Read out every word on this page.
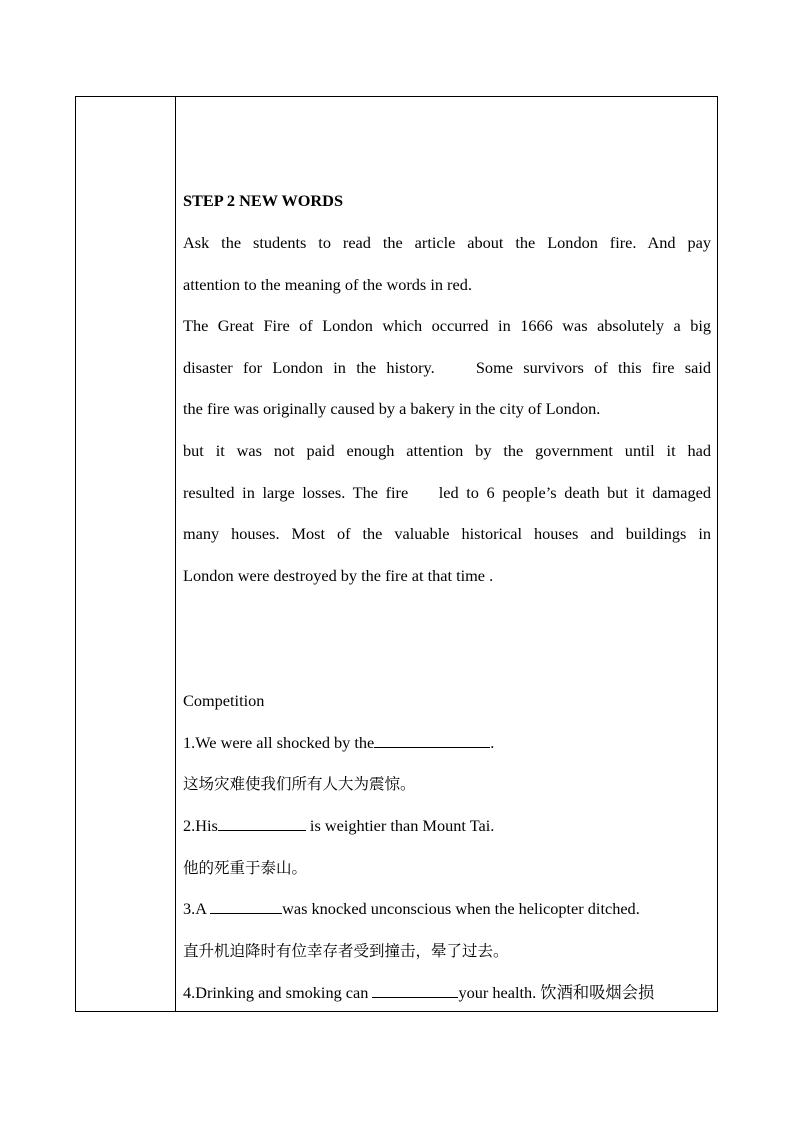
STEP 2 NEW WORDS
Ask the students to read the article about the London fire. And pay
attention to the meaning of the words in red.
The Great Fire of London which occurred in 1666 was absolutely a big
disaster for London in the history.    Some survivors of this fire said
the fire was originally caused by a bakery in the city of London.
but it was not paid enough attention by the government until it had
resulted in large losses. The fire    led to 6 people’s death but it damaged
many houses. Most of the valuable historical houses and buildings in
London were destroyed by the fire at that time .
Competition
1.We were all shocked by the	.
这场灾难使我们所有人大为震惊。
2.His	is weightier than Mount Tai.
他的死重于泰山。
3.A	was knocked unconscious when the helicopter ditched.
直升机迫降时有位幸存者受到撞击，晕了过去。
4.Drinking and smoking can	your health. 饮酒和吸烟会损
